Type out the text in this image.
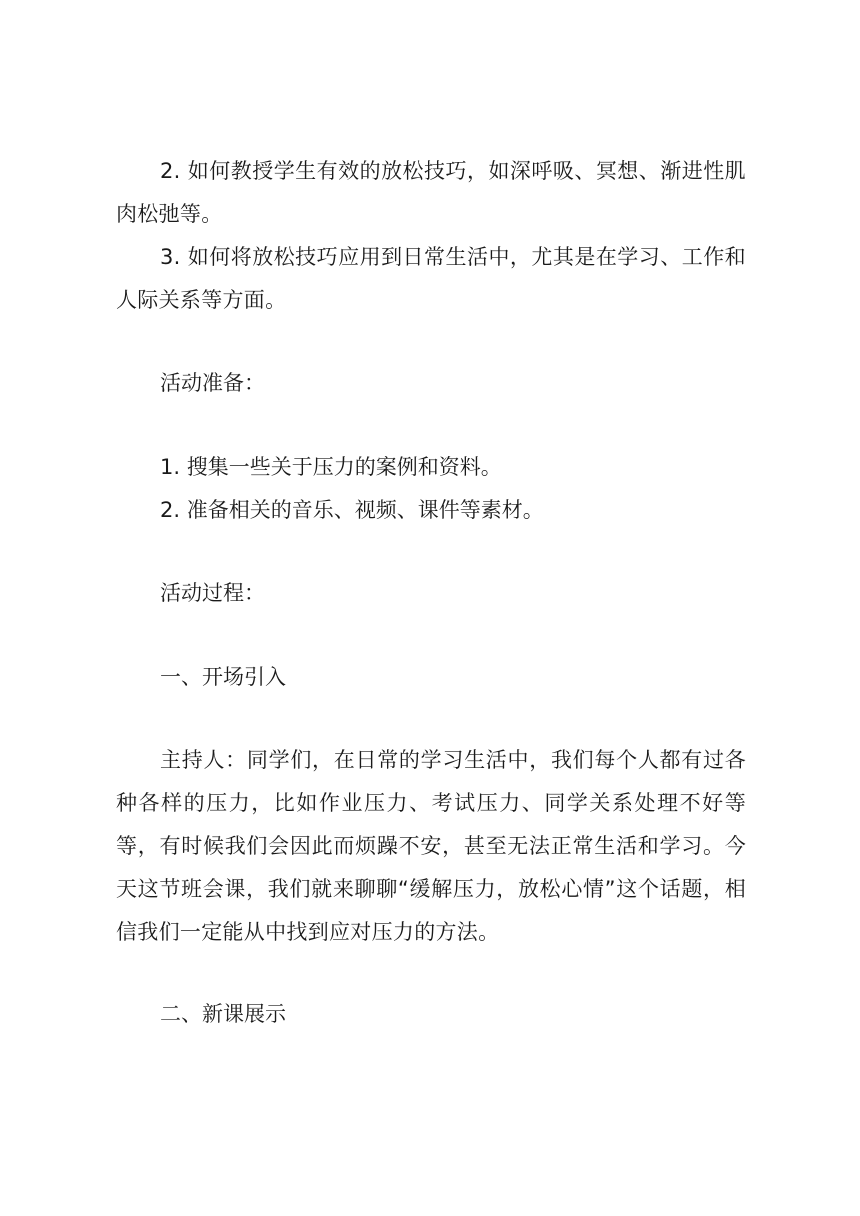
2. 如何教授学生有效的放松技巧，如深呼吸、冥想、渐进性肌肉松弛等。

3. 如何将放松技巧应用到日常生活中，尤其是在学习、工作和人际关系等方面。

活动准备：
1. 搜集一些关于压力的案例和资料。
2. 准备相关的音乐、视频、课件等素材。
活动过程：
一、开场引入

主持人：同学们，在日常的学习生活中，我们每个人都有过各种各样的压力，比如作业压力、考试压力、同学关系处理不好等等，有时候我们会因此而烦躁不安，甚至无法正常生活和学习。今天这节班会课，我们就来聊聊“缓解压力，放松心情”这个话题，相信我们一定能从中找到应对压力的方法。

二、新课展示
